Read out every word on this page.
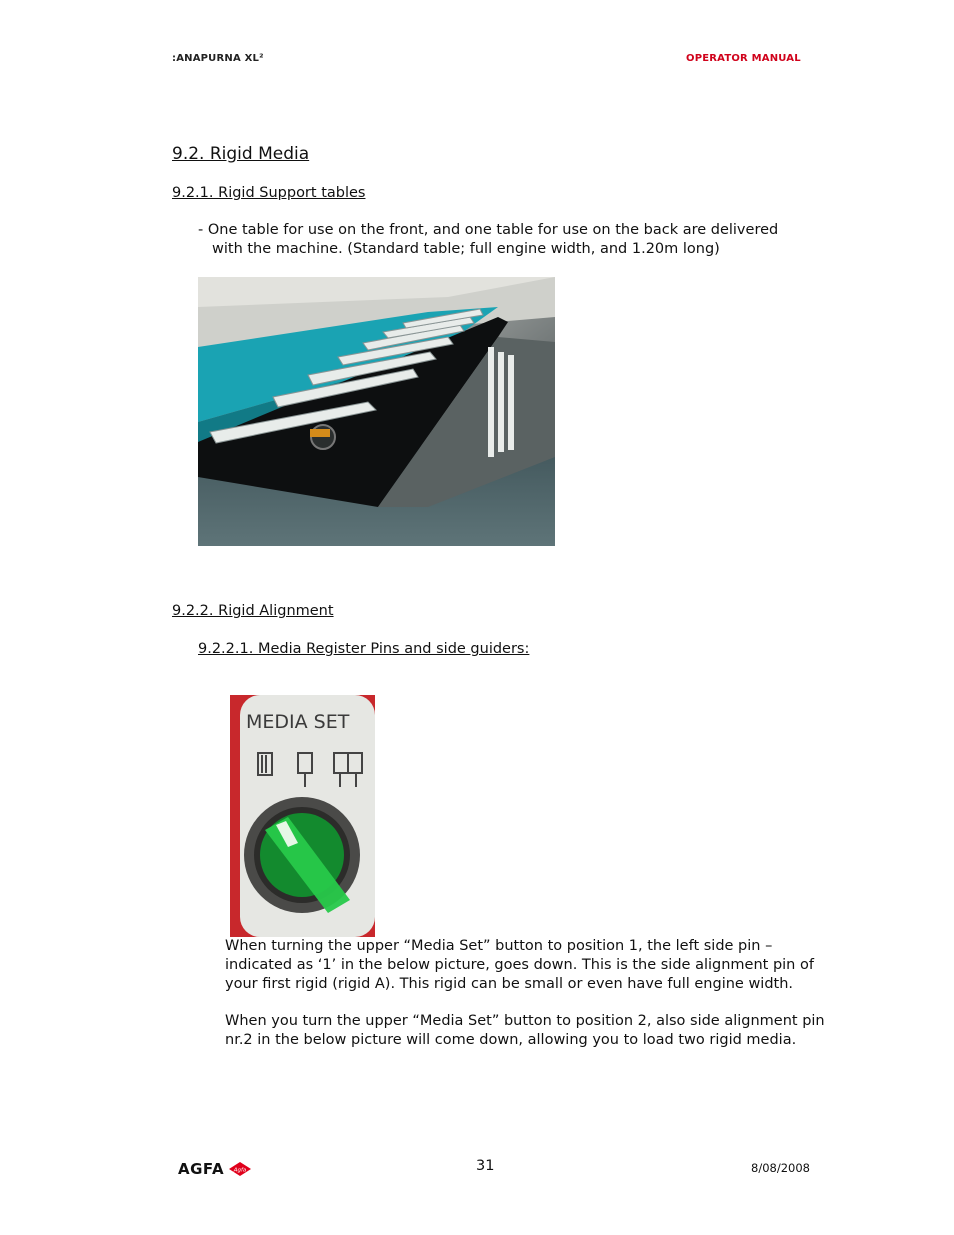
:ANAPURNA XL²	OPERATOR MANUAL
9.2. Rigid Media
9.2.1. Rigid Support tables
- One table for use on the front, and one table for use on the back are delivered
with the machine. (Standard table; full engine width, and 1.20m long)
9.2.2. Rigid Alignment
9.2.2.1. Media Register Pins and side guiders:
MEDIA SET
When turning the upper “Media Set” button to position 1, the left side pin –
indicated as ‘1’ in the below picture, goes down. This is the side alignment pin of
your first rigid (rigid A). This rigid can be small or even have full engine width.
When you turn the upper “Media Set” button to position 2, also side alignment pin
nr.2 in the below picture will come down, allowing you to load two rigid media.
AGFA Agfa	31	8/08/2008
